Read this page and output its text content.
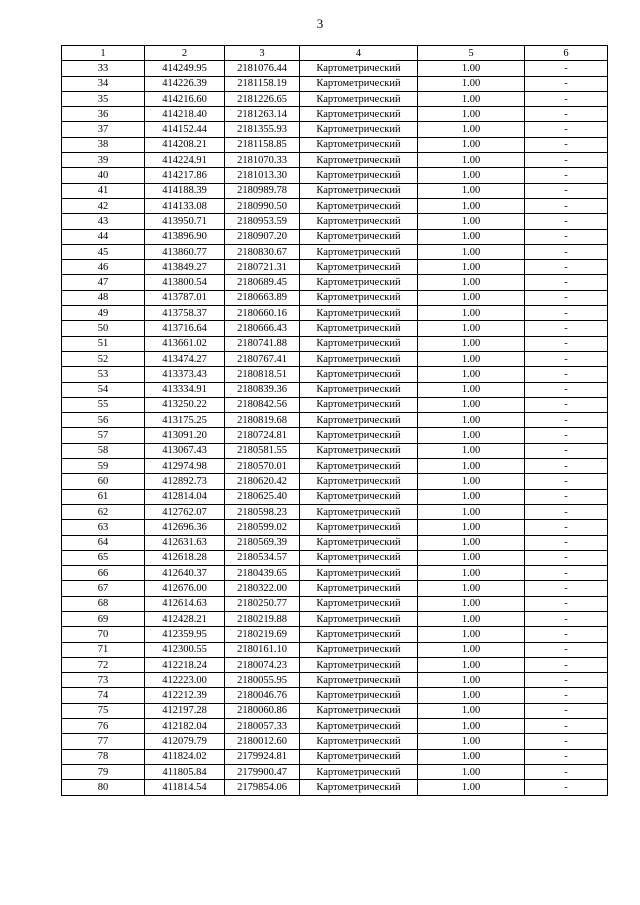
3
1	2	3	4	5	6
33	414249.95	2181076.44	Картометрический	1.00	-
34	414226.39	2181158.19	Картометрический	1.00	-
35	414216.60	2181226.65	Картометрический	1.00	-
36	414218.40	2181263.14	Картометрический	1.00	-
37	414152.44	2181355.93	Картометрический	1.00	-
38	414208.21	2181158.85	Картометрический	1.00	-
39	414224.91	2181070.33	Картометрический	1.00	-
40	414217.86	2181013.30	Картометрический	1.00	-
41	414188.39	2180989.78	Картометрический	1.00	-
42	414133.08	2180990.50	Картометрический	1.00	-
43	413950.71	2180953.59	Картометрический	1.00	-
44	413896.90	2180907.20	Картометрический	1.00	-
45	413860.77	2180830.67	Картометрический	1.00	-
46	413849.27	2180721.31	Картометрический	1.00	-
47	413800.54	2180689.45	Картометрический	1.00	-
48	413787.01	2180663.89	Картометрический	1.00	-
49	413758.37	2180660.16	Картометрический	1.00	-
50	413716.64	2180666.43	Картометрический	1.00	-
51	413661.02	2180741.88	Картометрический	1.00	-
52	413474.27	2180767.41	Картометрический	1.00	-
53	413373.43	2180818.51	Картометрический	1.00	-
54	413334.91	2180839.36	Картометрический	1.00	-
55	413250.22	2180842.56	Картометрический	1.00	-
56	413175.25	2180819.68	Картометрический	1.00	-
57	413091.20	2180724.81	Картометрический	1.00	-
58	413067.43	2180581.55	Картометрический	1.00	-
59	412974.98	2180570.01	Картометрический	1.00	-
60	412892.73	2180620.42	Картометрический	1.00	-
61	412814.04	2180625.40	Картометрический	1.00	-
62	412762.07	2180598.23	Картометрический	1.00	-
63	412696.36	2180599.02	Картометрический	1.00	-
64	412631.63	2180569.39	Картометрический	1.00	-
65	412618.28	2180534.57	Картометрический	1.00	-
66	412640.37	2180439.65	Картометрический	1.00	-
67	412676.00	2180322.00	Картометрический	1.00	-
68	412614.63	2180250.77	Картометрический	1.00	-
69	412428.21	2180219.88	Картометрический	1.00	-
70	412359.95	2180219.69	Картометрический	1.00	-
71	412300.55	2180161.10	Картометрический	1.00	-
72	412218.24	2180074.23	Картометрический	1.00	-
73	412223.00	2180055.95	Картометрический	1.00	-
74	412212.39	2180046.76	Картометрический	1.00	-
75	412197.28	2180060.86	Картометрический	1.00	-
76	412182.04	2180057.33	Картометрический	1.00	-
77	412079.79	2180012.60	Картометрический	1.00	-
78	411824.02	2179924.81	Картометрический	1.00	-
79	411805.84	2179900.47	Картометрический	1.00	-
80	411814.54	2179854.06	Картометрический	1.00	-
